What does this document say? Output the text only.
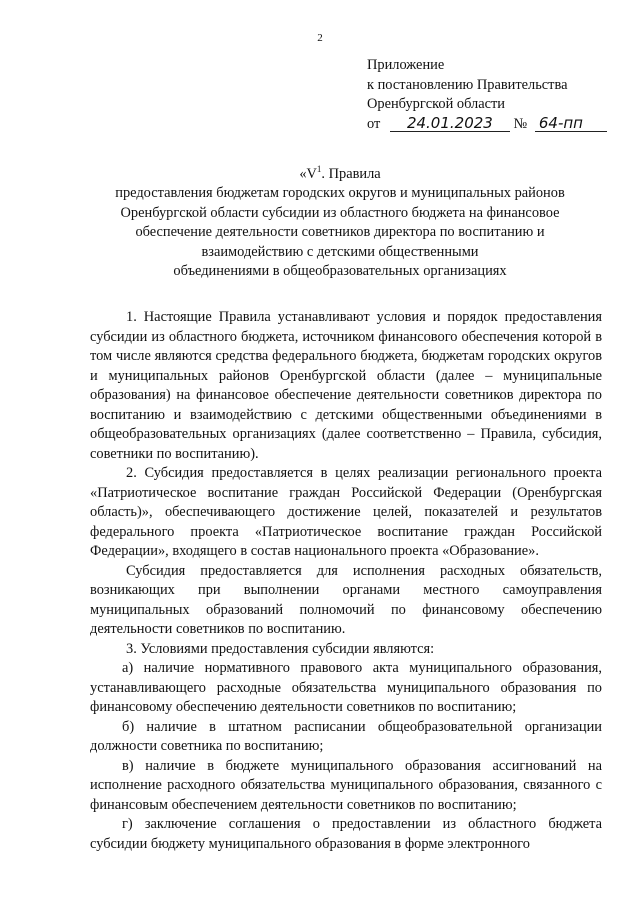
2
Приложение
к постановлению Правительства
Оренбургской области
от 24.01.2023 № 64-пп
«$V^1$. Правила
предоставления бюджетам городских округов и муниципальных районов
Оренбургской области субсидии из областного бюджета на финансовое
обеспечение деятельности советников директора по воспитанию и
взаимодействию с детскими общественными
объединениями в общеобразовательных организациях

1. Настоящие Правила устанавливают условия и порядок предоставления субсидии из областного бюджета, источником финансового обеспечения которой в том числе являются средства федерального бюджета, бюджетам городских округов и муниципальных районов Оренбургской области (далее – муниципальные образования) на финансовое обеспечение деятельности советников директора по воспитанию и взаимодействию с детскими общественными объединениями в общеобразовательных организациях (далее соответственно – Правила, субсидия, советники по воспитанию).

2. Субсидия предоставляется в целях реализации регионального проекта «Патриотическое воспитание граждан Российской Федерации (Оренбургская область)», обеспечивающего достижение целей, показателей и результатов федерального проекта «Патриотическое воспитание граждан Российской Федерации», входящего в состав национального проекта «Образование».

Субсидия предоставляется для исполнения расходных обязательств, возникающих при выполнении органами местного самоуправления муниципальных образований полномочий по финансовому обеспечению деятельности советников по воспитанию.

3. Условиями предоставления субсидии являются:

а) наличие нормативного правового акта муниципального образования, устанавливающего расходные обязательства муниципального образования по финансовому обеспечению деятельности советников по воспитанию;

б) наличие в штатном расписании общеобразовательной организации должности советника по воспитанию;

в) наличие в бюджете муниципального образования ассигнований на исполнение расходного обязательства муниципального образования, связанного с финансовым обеспечением деятельности советников по воспитанию;

г) заключение соглашения о предоставлении из областного бюджета субсидии бюджету муниципального образования в форме электронного
